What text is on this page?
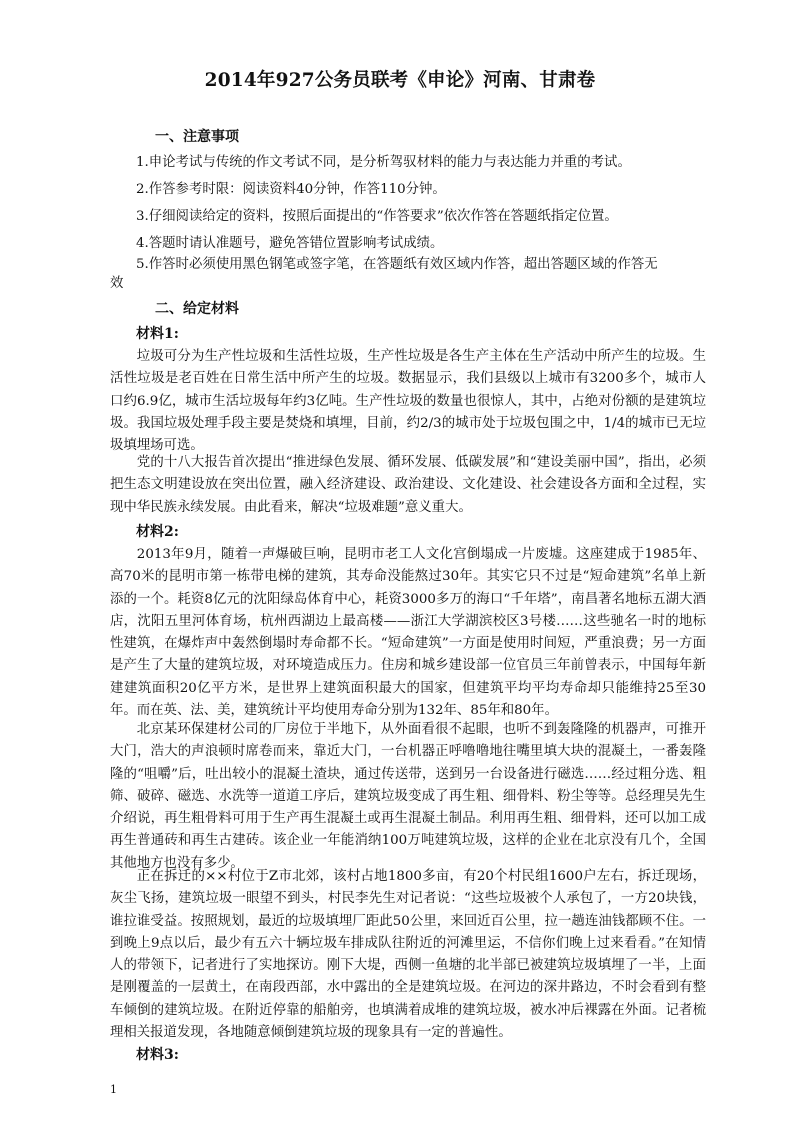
2014年927公务员联考《申论》河南、甘肃卷
一、注意事项
1.申论考试与传统的作文考试不同，是分析驾驭材料的能力与表达能力并重的考试。
2.作答参考时限：阅读资料40分钟，作答110分钟。
3.仔细阅读给定的资料，按照后面提出的“作答要求”依次作答在答题纸指定位置。
4.答题时请认准题号，避免答错位置影响考试成绩。
5.作答时必须使用黑色钢笔或签字笔，在答题纸有效区域内作答，超出答题区域的作答无
效
二、给定材料
材料1:

垃圾可分为生产性垃圾和生活性垃圾，生产性垃圾是各生产主体在生产活动中所产生的垃圾。生活性垃圾是老百姓在日常生活中所产生的垃圾。数据显示，我们县级以上城市有3200多个，城市人口约6.9亿，城市生活垃圾每年约3亿吨。生产性垃圾的数量也很惊人，其中，占绝对份额的是建筑垃圾。我国垃圾处理手段主要是焚烧和填埋，目前，约2/3的城市处于垃圾包围之中，1/4的城市已无垃圾填埋场可选。

党的十八大报告首次提出“推进绿色发展、循环发展、低碳发展”和“建设美丽中国”，指出，必须把生态文明建设放在突出位置，融入经济建设、政治建设、文化建设、社会建设各方面和全过程，实现中华民族永续发展。由此看来，解决“垃圾难题”意义重大。

材料2:

2013年9月，随着一声爆破巨响，昆明市老工人文化宫倒塌成一片废墟。这座建成于1985年、高70米的昆明市第一栋带电梯的建筑，其寿命没能熬过30年。其实它只不过是“短命建筑”名单上新添的一个。耗资8亿元的沈阳绿岛体育中心，耗资3000多万的海口“千年塔”，南昌著名地标五湖大酒店，沈阳五里河体育场，杭州西湖边上最高楼——浙江大学湖滨校区3号楼……这些驰名一时的地标性建筑，在爆炸声中轰然倒塌时寿命都不长。“短命建筑”一方面是使用时间短，严重浪费；另一方面是产生了大量的建筑垃圾，对环境造成压力。住房和城乡建设部一位官员三年前曾表示，中国每年新建建筑面积20亿平方米，是世界上建筑面积最大的国家，但建筑平均平均寿命却只能维持25至30年。而在英、法、美，建筑统计平均使用寿命分别为132年、85年和80年。

北京某环保建材公司的厂房位于半地下，从外面看很不起眼，也听不到轰隆隆的机器声，可推开大门，浩大的声浪顿时席卷而来，靠近大门，一台机器正呼噜噜地往嘴里填大块的混凝土，一番轰隆隆的“咀嚼”后，吐出较小的混凝土渣块，通过传送带，送到另一台设备进行磁选……经过粗分选、粗筛、破碎、磁选、水洗等一道道工序后，建筑垃圾变成了再生粗、细骨料、粉尘等等。总经理吴先生介绍说，再生粗骨料可用于生产再生混凝土或再生混凝土制品。利用再生粗、细骨料，还可以加工成再生普通砖和再生古建砖。该企业一年能消纳100万吨建筑垃圾，这样的企业在北京没有几个，全国其他地方也没有多少。

正在拆迁的××村位于Z市北郊，该村占地1800多亩，有20个村民组1600户左右，拆迁现场，灰尘飞扬，建筑垃圾一眼望不到头，村民李先生对记者说：“这些垃圾被个人承包了，一方20块钱，谁拉谁受益。按照规划，最近的垃圾填埋厂距此50公里，来回近百公里，拉一趟连油钱都顾不住。一到晚上9点以后，最少有五六十辆垃圾车排成队往附近的河滩里运，不信你们晚上过来看看。”在知情人的带领下，记者进行了实地探访。刚下大堤，西侧一鱼塘的北半部已被建筑垃圾填埋了一半，上面是刚覆盖的一层黄土，在南段西部，水中露出的全是建筑垃圾。在河边的深井路边，不时会看到有整车倾倒的建筑垃圾。在附近停靠的船舶旁，也填满着成堆的建筑垃圾，被水冲后裸露在外面。记者梳理相关报道发现，各地随意倾倒建筑垃圾的现象具有一定的普遍性。

材料3:
1
